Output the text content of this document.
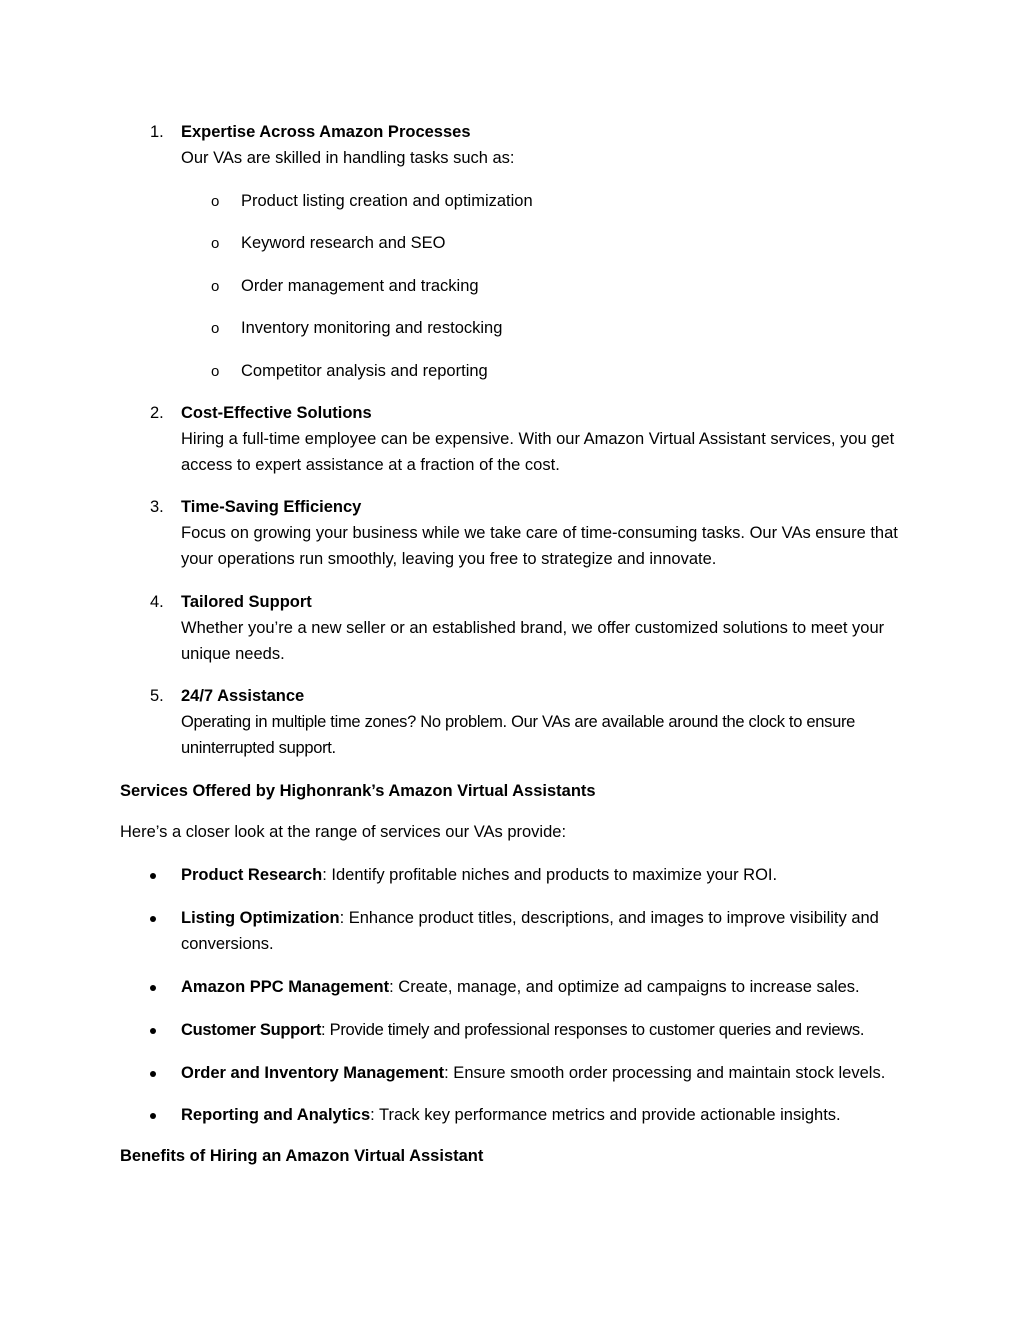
1.	Expertise Across Amazon Processes
Our VAs are skilled in handling tasks such as:
o Product listing creation and optimization
o Keyword research and SEO
o Order management and tracking
o Inventory monitoring and restocking
o Competitor analysis and reporting
2.	Cost-Effective Solutions
Hiring a full-time employee can be expensive. With our Amazon Virtual Assistant services, you get access to expert assistance at a fraction of the cost.
3.	Time-Saving Efficiency
Focus on growing your business while we take care of time-consuming tasks. Our VAs ensure that your operations run smoothly, leaving you free to strategize and innovate.
4.	Tailored Support
Whether you’re a new seller or an established brand, we offer customized solutions to meet your unique needs.
5.	24/7 Assistance
Operating in multiple time zones? No problem. Our VAs are available around the clock to ensure uninterrupted support.
Services Offered by Highonrank’s Amazon Virtual Assistants
Here’s a closer look at the range of services our VAs provide:
Product Research: Identify profitable niches and products to maximize your ROI.
Listing Optimization: Enhance product titles, descriptions, and images to improve visibility and conversions.
Amazon PPC Management: Create, manage, and optimize ad campaigns to increase sales.
Customer Support: Provide timely and professional responses to customer queries and reviews.
Order and Inventory Management: Ensure smooth order processing and maintain stock levels.
Reporting and Analytics: Track key performance metrics and provide actionable insights.
Benefits of Hiring an Amazon Virtual Assistant
